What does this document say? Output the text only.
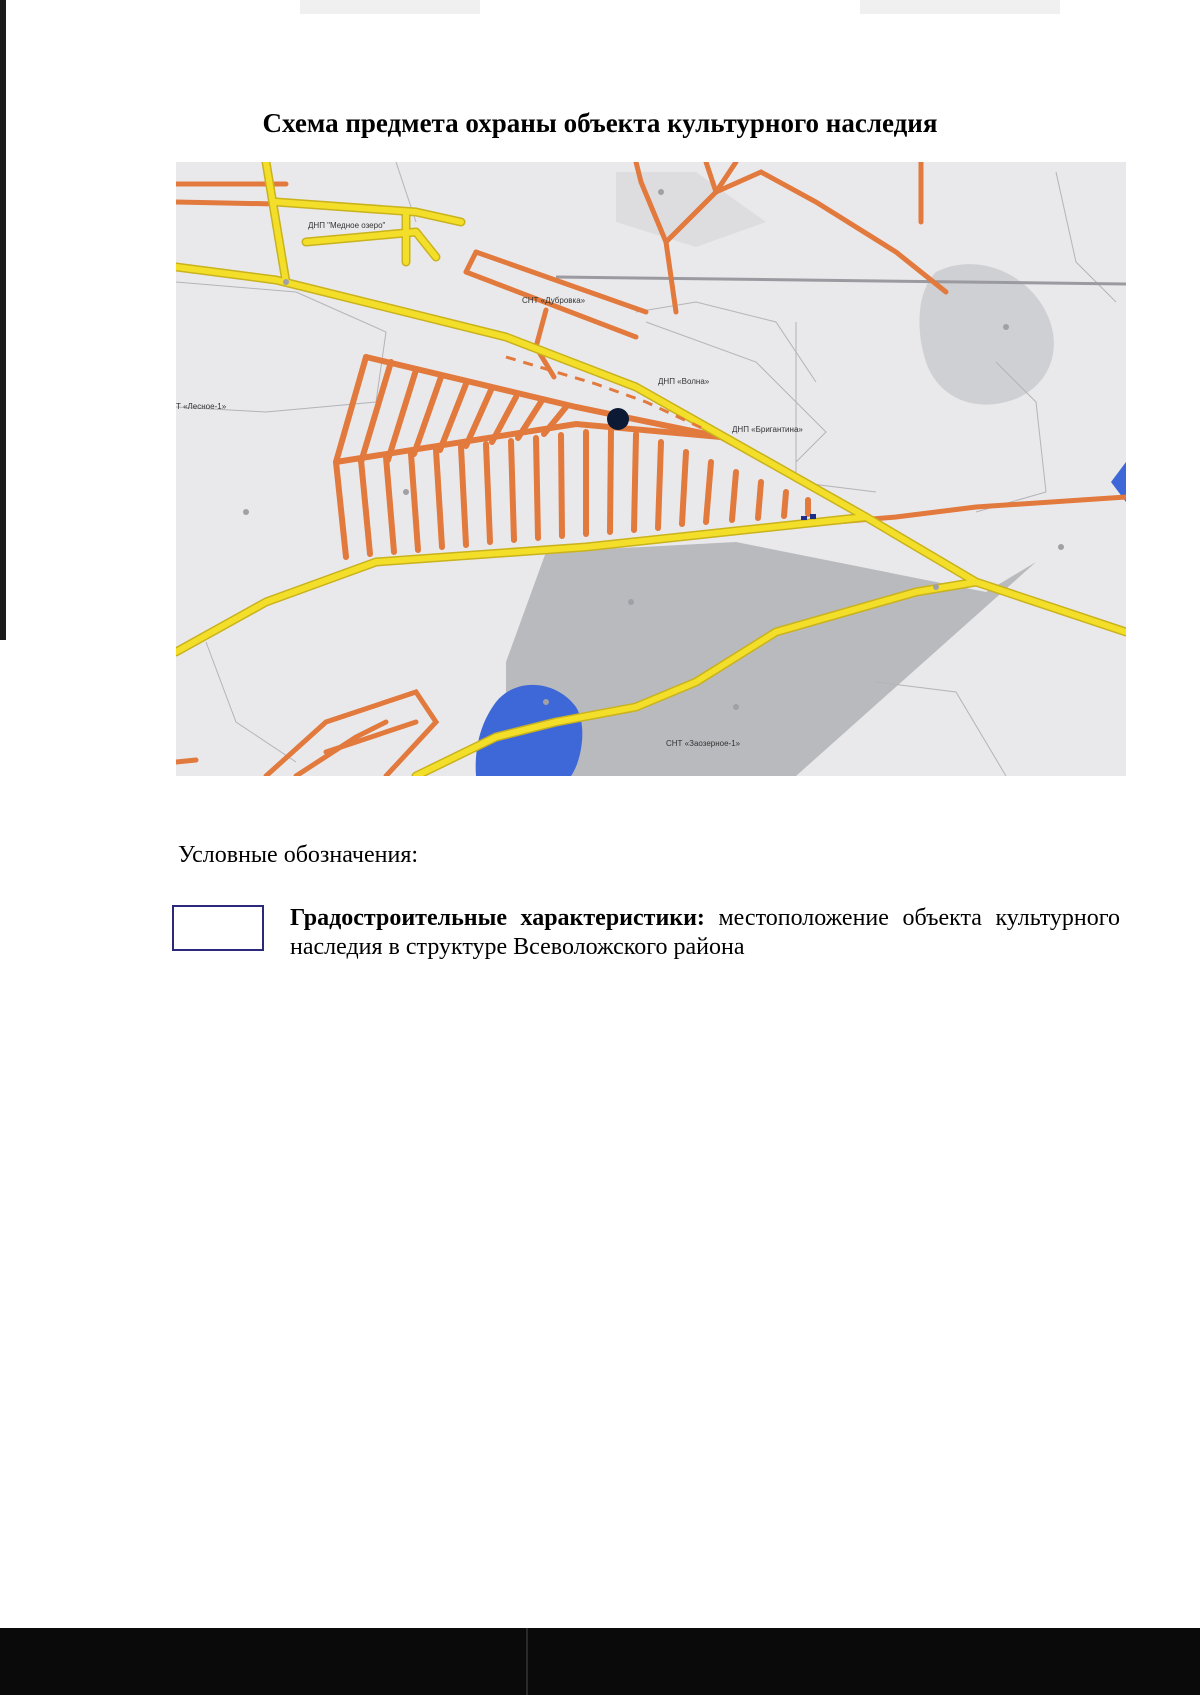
Схема предмета охраны объекта культурного наследия
ДНП "Медное озеро"
СНТ «Дубровка»
ДНП «Волна»
ДНП «Бригантина»
Т «Лесное-1»
СНТ «Заозерное-1»
Условные обозначения:
Градостроительные характеристики: местоположение объекта культурного наследия в структуре Всеволожского района
